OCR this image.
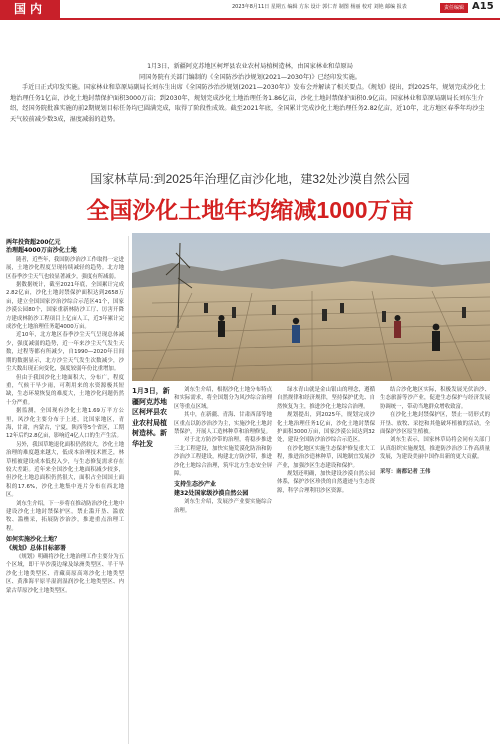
国内	2023年8月11日 星期五 编辑 方东 设计 郭仁青 制图 杨丽 校对 刘艳 邮编 报表	责任编辑 A15

1月3日，新疆阿克苏地区柯坪县农业农村局植树造林，由国家林业和草原局

同国务院有关部门编制的《全国防沙治沙规划(2021—2030年)》已经印发实施。

手近日正式印发实施。国家林业和草原局副局长刘东生出席《全国防沙治沙规划(2021—2030年)》发布会并解读了相关要点。《规划》提出，到2025年，规划完成沙化土地治理任务1亿亩，沙化土地封禁保护面积3000万亩；到2030年，规划完成沙化土地治理任务1.86亿亩，沙化土地封禁保护面积0.9亿亩。国家林业和草原局副局长刘东生介绍，经国务院批准实施的前2期规划目标任务均已圆满完成，取得了阶段性成效。截至2021年底，全国累计完成沙化土地治理任务2.82亿亩，近10年，北方地区春季年均沙尘天气较前减少数3成，湿度减弱的趋势。

国家林草局:到2025年治理亿亩沙化地，建32处沙漠自然公园
全国沙化土地年均缩减1000万亩

两年投资超200亿元

治理超4000万亩沙化土地

随者，近些年，我国防沙治沙工作取得一定进展，土地沙化程度呈现持续减轻的趋势。北方地区春季沙尘天气也较显著减少，强度有所减弱。

据数据统计，截至2021年底，全国累计完成2.82亿亩，沙化土地封禁保护面积达到2658万亩，建立全国国家沙治沙综合示范区41个，国家沙漠公园80个，国家重新林防沙工厅、厉害开降方建成林防沙工程项目上亿亩人工，近3年累计完成沙化土地治理任务超4000万亩。

近10年，北方地区春季沙尘天气呈现总体减少，强度减弱的趋势，近一年来沙尘天气发生天数，过程等都有所减少，自1990—2020年日间期的数据显示，北方沙尘天气发生次数减少，沙尘大数出现正向变化，强度较弱年份比重增加。

但由于我国沙化土地面积大，分布广，程度重，气候干旱少雨，可利用来的水资源极其短缺，生态环境恢复的难度大，土地沙化问题仍然十分严重。

据监测，全国现有沙化土地1.69万平方公里，风沙化主要分布于上述，比国家地区，青海，甘肃，内蒙古，宁夏，陕西等5个省区，工期12年后约2.8亿亩，影响近4亿人口的生产生活。

另外，我国草地退化面积仍然较大，沙化土地治理的难度越来越大，低成本治理技术匮乏，林草植被建设成本低投入少，与生态修复需求存在较大差距。近年来全国沙化土地面积减少较多，但沙化土地总面积仍然很大，面积占全国国土面积的17.6%，沙化土地集中连片分布在西北地区。

刘东生介绍，下一步将在推动防治沙化土地中建设沙化土地封禁保护区，禁止滥开垦、滥放牧、滥樵采，拓展防沙治沙，推进重点治理工程。

如何实施沙化土地？

《规划》总体目标部署

《规划》明确将沙化土地治理工作主要分为五个区域，即干旱沙漠边缘及绿洲类型区、半干旱沙化土地类型区、青藏高原高寒沙化土地类型区、黄淮海平原半湿润湿润沙化土地类型区、内蒙古草原沙化土地类型区。

1月3日，新疆阿克苏地区柯坪县农业农村局植树造林。新华社发

刘东生介绍，根据沙化土地分布特点和实际需求，将全国划分为风沙综合治理区等重点区域。

其中，在新疆、青海、甘肃西部等地区重点以防沙治沙为主，实施沙化土地封禁保护，开展人工造林种草和治理修复。

对于北方防沙带的治理，将稳步推进三北工程建设，加快实施荒漠化防治和防沙治沙工程建设，构建北方防沙带，推进沙化土地综合治理，筑牢北方生态安全屏障。

支持生态沙产业

建32处国家级沙漠自然公园

刘东生介绍，发展沙产业要实施综合治理。

绿水青山就是金山银山的理念，遵循自然规律和经济规律，坚持保护优先、自然恢复为主，推进沙化土地综合治理。

规划提出，到2025年，规划完成沙化土地治理任务1亿亩，沙化土地封禁保护面积3000万亩，国家沙漠公园达到32处，建设全国防沙治沙综合示范区。

在沙化地区实施生态保护修复重大工程，推进治沙造林种草，因地制宜发展沙产业，加强沙区生态建设和保护。

规划还明确，加快建设沙漠自然公园体系，保护沙区珍贵的自然遗迹与生态资源，科学合理利用沙区资源。

结合沙化地区实际，积极发展光伏治沙、生态旅游等沙产业，促进生态保护与经济发展协调统一，带动当地群众增收致富。

在沙化土地封禁保护区，禁止一切形式的开垦、放牧、采挖和其他破坏植被的活动，全面保护沙区原生植被。

刘东生表示，国家林草局将会同有关部门认真组织实施规划，推进防沙治沙工作高质量发展，为建设美丽中国作出新的更大贡献。

采写：南都记者 王伟
